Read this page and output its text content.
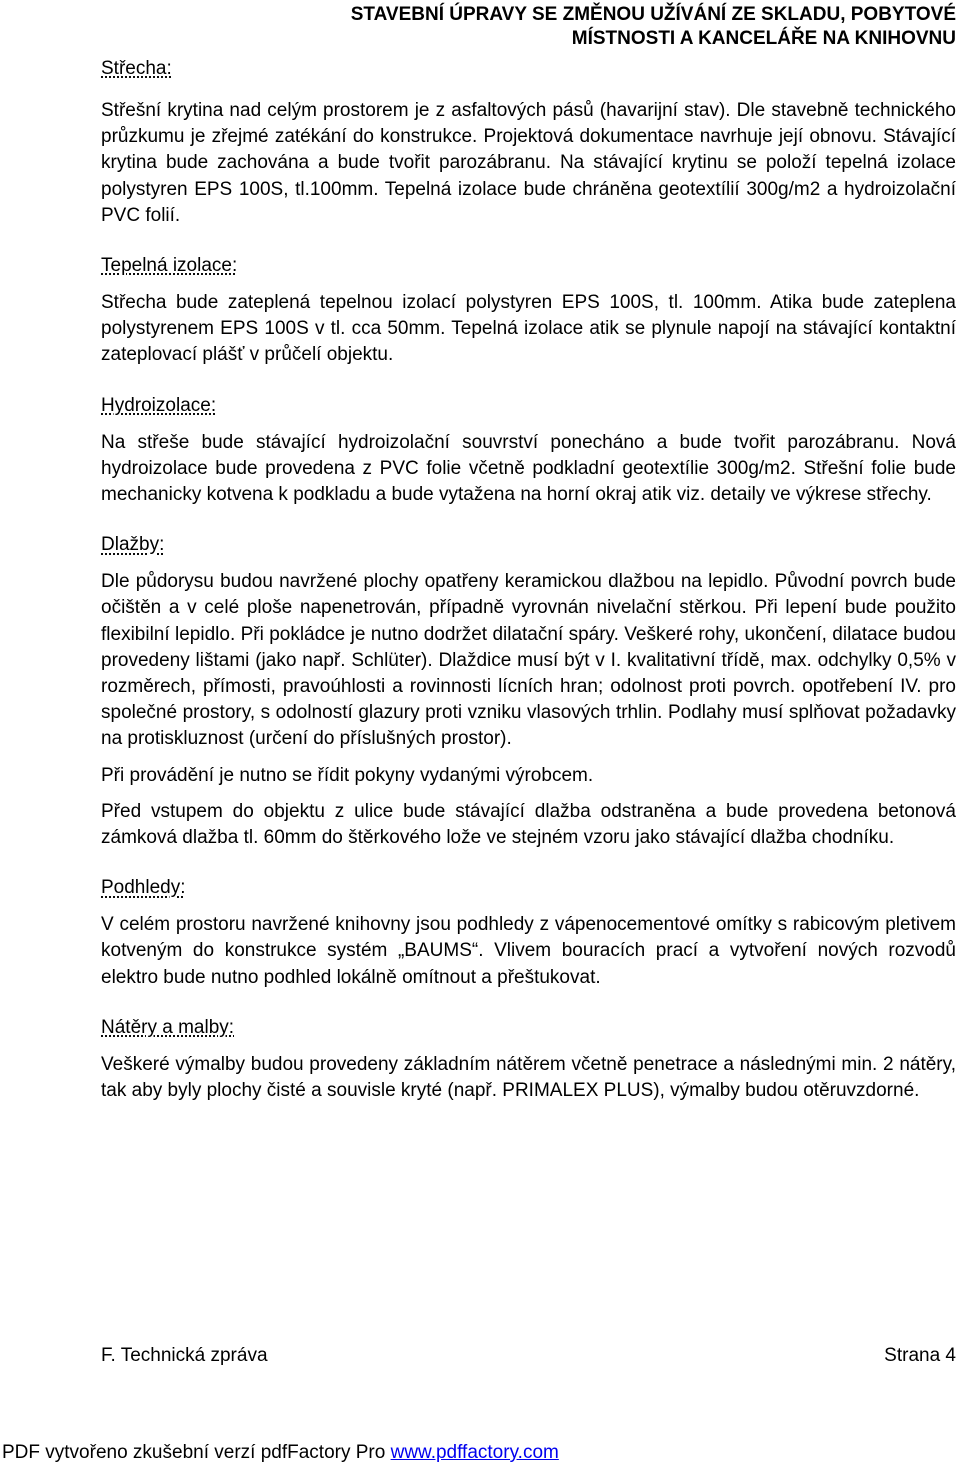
STAVEBNÍ ÚPRAVY SE ZMĚNOU UŽÍVÁNÍ ZE SKLADU, POBYTOVÉ
MÍSTNOSTI A KANCELÁŘE NA KNIHOVNU
Střecha:

Střešní krytina nad celým prostorem je z asfaltových pásů (havarijní stav). Dle stavebně technického průzkumu je zřejmé zatékání do konstrukce. Projektová dokumentace navrhuje její obnovu. Stávající krytina bude zachována a bude tvořit parozábranu. Na stávající krytinu se položí tepelná izolace polystyren EPS 100S, tl.100mm. Tepelná izolace bude chráněna geotextílií 300g/m2 a hydroizolační PVC folií.

Tepelná izolace:

Střecha bude zateplená tepelnou izolací polystyren EPS 100S, tl. 100mm. Atika bude zateplena polystyrenem EPS 100S v tl. cca 50mm. Tepelná izolace atik se plynule napojí na stávající kontaktní zateplovací plášť v průčelí objektu.

Hydroizolace:

Na střeše bude stávající hydroizolační souvrství ponecháno a bude tvořit parozábranu. Nová hydroizolace bude provedena z PVC folie včetně podkladní geotextílie 300g/m2. Střešní folie bude mechanicky kotvena k podkladu a bude vytažena na horní okraj atik viz. detaily ve výkrese střechy.

Dlažby:

Dle půdorysu budou navržené plochy opatřeny keramickou dlažbou na lepidlo. Původní povrch bude očištěn a v celé ploše napenetrován, případně vyrovnán nivelační stěrkou. Při lepení bude použito flexibilní lepidlo. Při pokládce je nutno dodržet dilatační spáry. Veškeré rohy, ukončení, dilatace budou provedeny lištami (jako např. Schlüter). Dlaždice musí být v I. kvalitativní třídě, max. odchylky 0,5% v rozměrech, přímosti, pravoúhlosti a rovinnosti lícních hran; odolnost proti povrch. opotřebení IV. pro společné prostory, s odolností glazury proti vzniku vlasových trhlin. Podlahy musí splňovat požadavky na protiskluznost (určení do příslušných prostor).

Při provádění je nutno se řídit pokyny vydanými výrobcem.

Před vstupem do objektu z ulice bude stávající dlažba odstraněna a bude provedena betonová zámková dlažba tl. 60mm do štěrkového lože ve stejném vzoru jako stávající dlažba chodníku.

Podhledy:

V celém prostoru navržené knihovny jsou podhledy z vápenocementové omítky s rabicovým pletivem kotveným do konstrukce systém „BAUMS“. Vlivem bouracích prací a vytvoření nových rozvodů elektro bude nutno podhled lokálně omítnout a přeštukovat.

Nátěry a malby:

Veškeré výmalby budou provedeny základním nátěrem včetně penetrace a následnými min. 2 nátěry, tak aby byly plochy čisté a souvisle kryté (např. PRIMALEX PLUS), výmalby budou otěruvzdorné.

F. Technická zpráva	Strana 4
PDF vytvořeno zkušební verzí pdfFactory Pro www.pdffactory.com
